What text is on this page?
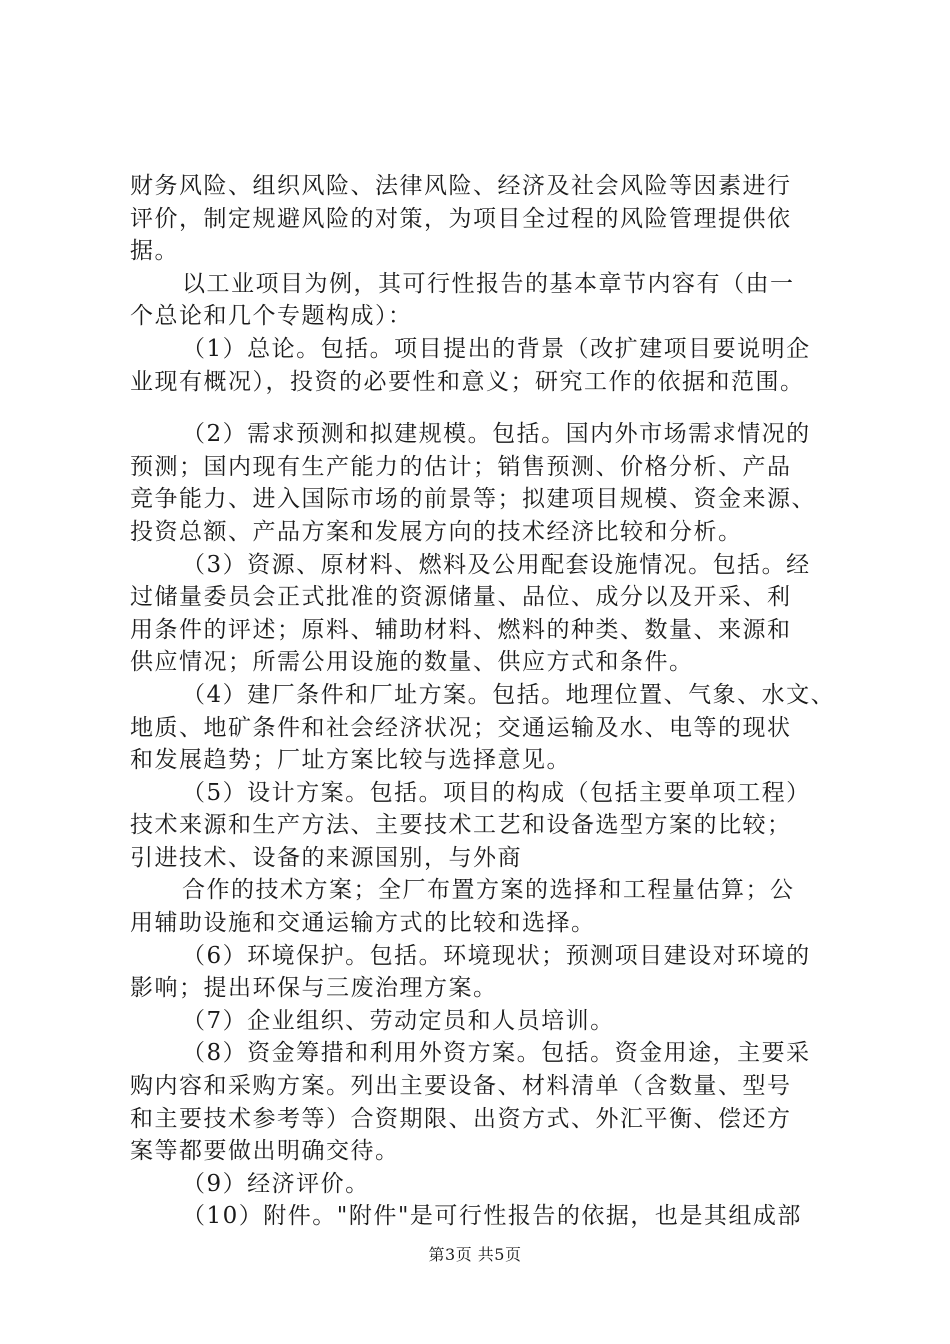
财务风险、组织风险、法律风险、经济及社会风险等因素进行
评价，制定规避风险的对策，为项目全过程的风险管理提供依
据。
以工业项目为例，其可行性报告的基本章节内容有（由一
个总论和几个专题构成）：
（1）总论。包括。项目提出的背景（改扩建项目要说明企
业现有概况），投资的必要性和意义；研究工作的依据和范围。
（2）需求预测和拟建规模。包括。国内外市场需求情况的
预测；国内现有生产能力的估计；销售预测、价格分析、产品
竞争能力、进入国际市场的前景等；拟建项目规模、资金来源、
投资总额、产品方案和发展方向的技术经济比较和分析。
（3）资源、原材料、燃料及公用配套设施情况。包括。经
过储量委员会正式批准的资源储量、品位、成分以及开采、利
用条件的评述；原料、辅助材料、燃料的种类、数量、来源和
供应情况；所需公用设施的数量、供应方式和条件。
（4）建厂条件和厂址方案。包括。地理位置、气象、水文、
地质、地矿条件和社会经济状况；交通运输及水、电等的现状
和发展趋势；厂址方案比较与选择意见。
（5）设计方案。包括。项目的构成（包括主要单项工程）
技术来源和生产方法、主要技术工艺和设备选型方案的比较；
引进技术、设备的来源国别，与外商
合作的技术方案；全厂布置方案的选择和工程量估算；公
用辅助设施和交通运输方式的比较和选择。
（6）环境保护。包括。环境现状；预测项目建设对环境的
影响；提出环保与三废治理方案。
（7）企业组织、劳动定员和人员培训。
（8）资金筹措和利用外资方案。包括。资金用途，主要采
购内容和采购方案。列出主要设备、材料清单（含数量、型号
和主要技术参考等）合资期限、出资方式、外汇平衡、偿还方
案等都要做出明确交待。
（9）经济评价。
（10）附件。"附件"是可行性报告的依据，也是其组成部
第3页 共5页
